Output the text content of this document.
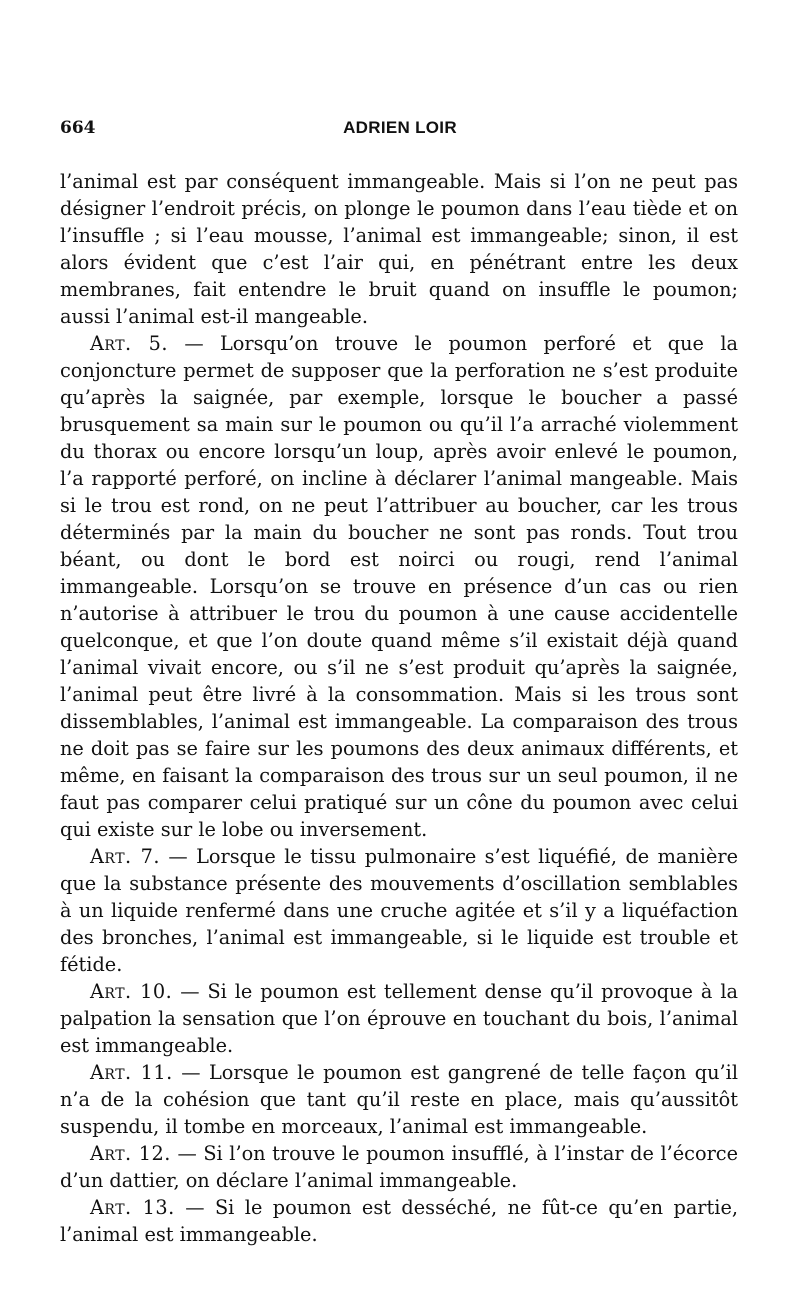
664	ADRIEN LOIR

l’animal est par conséquent immangeable. Mais si l’on ne peut pas désigner l’endroit précis, on plonge le poumon dans l’eau tiède et on l’insuffle ; si l’eau mousse, l’animal est immangeable; sinon, il est alors évident que c’est l’air qui, en pénétrant entre les deux membranes, fait entendre le bruit quand on insuffle le poumon; aussi l’animal est-il mangeable.

Art. 5. — Lorsqu’on trouve le poumon perforé et que la conjoncture permet de supposer que la perforation ne s’est produite qu’après la saignée, par exemple, lorsque le boucher a passé brusquement sa main sur le poumon ou qu’il l’a arraché violemment du thorax ou encore lorsqu’un loup, après avoir enlevé le poumon, l’a rapporté perforé, on incline à déclarer l’animal mangeable. Mais si le trou est rond, on ne peut l’attribuer au boucher, car les trous déterminés par la main du boucher ne sont pas ronds. Tout trou béant, ou dont le bord est noirci ou rougi, rend l’animal immangeable. Lorsqu’on se trouve en présence d’un cas ou rien n’autorise à attribuer le trou du poumon à une cause accidentelle quelconque, et que l’on doute quand même s’il existait déjà quand l’animal vivait encore, ou s’il ne s’est produit qu’après la saignée, l’animal peut être livré à la consommation. Mais si les trous sont dissemblables, l’animal est immangeable. La comparaison des trous ne doit pas se faire sur les poumons des deux animaux différents, et même, en faisant la comparaison des trous sur un seul poumon, il ne faut pas comparer celui pratiqué sur un cône du poumon avec celui qui existe sur le lobe ou inversement.

Art. 7. — Lorsque le tissu pulmonaire s’est liquéfié, de manière que la substance présente des mouvements d’oscillation semblables à un liquide renfermé dans une cruche agitée et s’il y a liquéfaction des bronches, l’animal est immangeable, si le liquide est trouble et fétide.

Art. 10. — Si le poumon est tellement dense qu’il provoque à la palpation la sensation que l’on éprouve en touchant du bois, l’animal est immangeable.

Art. 11. — Lorsque le poumon est gangrené de telle façon qu’il n’a de la cohésion que tant qu’il reste en place, mais qu’aussitôt suspendu, il tombe en morceaux, l’animal est immangeable.

Art. 12. — Si l’on trouve le poumon insufflé, à l’instar de l’écorce d’un dattier, on déclare l’animal immangeable.

Art. 13. — Si le poumon est desséché, ne fût-ce qu’en partie, l’animal est immangeable.
